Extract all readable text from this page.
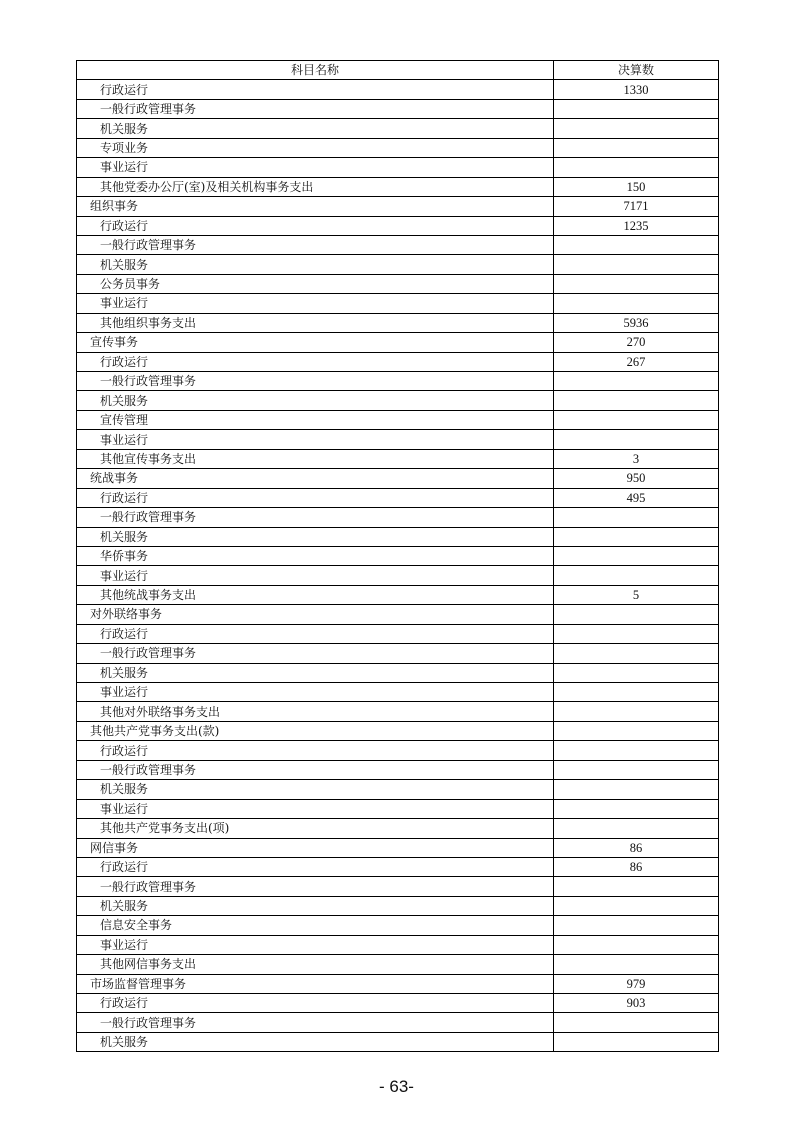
科目名称	决算数
行政运行	1330
一般行政管理事务	
机关服务	
专项业务	
事业运行	
其他党委办公厅(室)及相关机构事务支出	150
组织事务	7171
行政运行	1235
一般行政管理事务	
机关服务	
公务员事务	
事业运行	
其他组织事务支出	5936
宣传事务	270
行政运行	267
一般行政管理事务	
机关服务	
宣传管理	
事业运行	
其他宣传事务支出	3
统战事务	950
行政运行	495
一般行政管理事务	
机关服务	
华侨事务	
事业运行	
其他统战事务支出	5
对外联络事务	
行政运行	
一般行政管理事务	
机关服务	
事业运行	
其他对外联络事务支出	
其他共产党事务支出(款)	
行政运行	
一般行政管理事务	
机关服务	
事业运行	
其他共产党事务支出(项)	
网信事务	86
行政运行	86
一般行政管理事务	
机关服务	
信息安全事务	
事业运行	
其他网信事务支出	
市场监督管理事务	979
行政运行	903
一般行政管理事务	
机关服务	
- 63-
